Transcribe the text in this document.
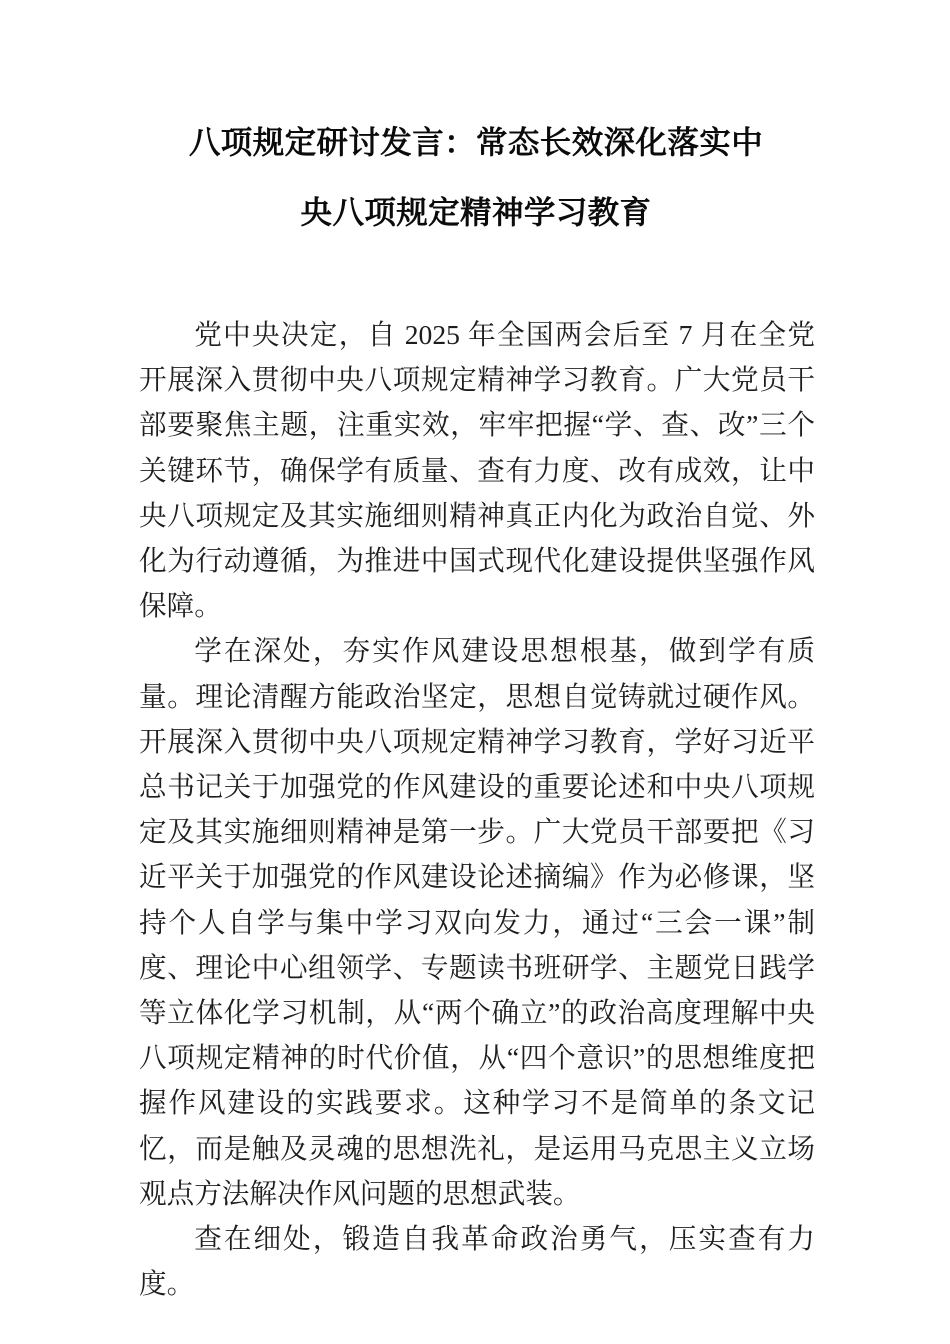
八项规定研讨发言：常态长效深化落实中
央八项规定精神学习教育

党中央决定，自 2025 年全国两会后至 7 月在全党开展深入贯彻中央八项规定精神学习教育。广大党员干部要聚焦主题，注重实效，牢牢把握“学、查、改”三个关键环节，确保学有质量、查有力度、改有成效，让中央八项规定及其实施细则精神真正内化为政治自觉、外化为行动遵循，为推进中国式现代化建设提供坚强作风保障。

学在深处，夯实作风建设思想根基，做到学有质量。理论清醒方能政治坚定，思想自觉铸就过硬作风。开展深入贯彻中央八项规定精神学习教育，学好习近平总书记关于加强党的作风建设的重要论述和中央八项规定及其实施细则精神是第一步。广大党员干部要把《习近平关于加强党的作风建设论述摘编》作为必修课，坚持个人自学与集中学习双向发力，通过“三会一课”制度、理论中心组领学、专题读书班研学、主题党日践学等立体化学习机制，从“两个确立”的政治高度理解中央八项规定精神的时代价值，从“四个意识”的思想维度把握作风建设的实践要求。这种学习不是简单的条文记忆，而是触及灵魂的思想洗礼，是运用马克思主义立场观点方法解决作风问题的思想武装。

查在细处，锻造自我革命政治勇气，压实查有力度。
